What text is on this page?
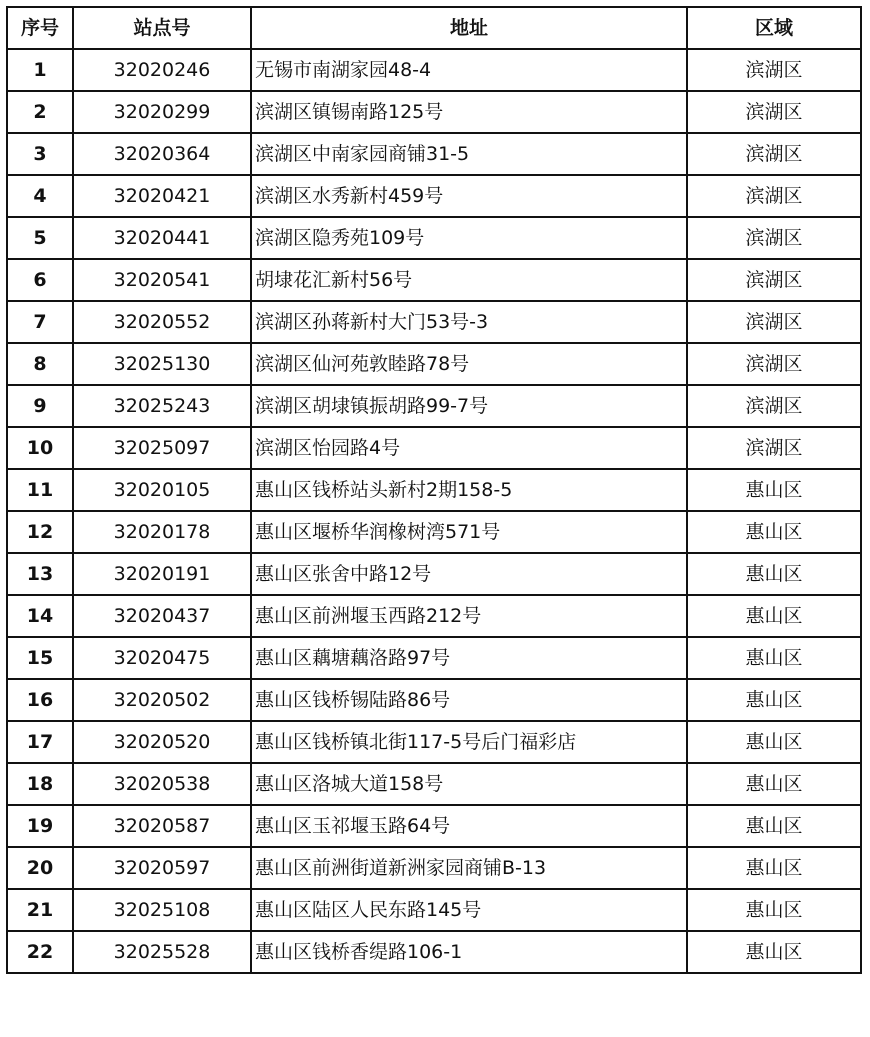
序号	站点号	地址	区域
1	32020246	无锡市南湖家园48-4	滨湖区
2	32020299	滨湖区镇锡南路125号	滨湖区
3	32020364	滨湖区中南家园商铺31-5	滨湖区
4	32020421	滨湖区水秀新村459号	滨湖区
5	32020441	滨湖区隐秀苑109号	滨湖区
6	32020541	胡埭花汇新村56号	滨湖区
7	32020552	滨湖区孙蒋新村大门53号-3	滨湖区
8	32025130	滨湖区仙河苑敦睦路78号	滨湖区
9	32025243	滨湖区胡埭镇振胡路99-7号	滨湖区
10	32025097	滨湖区怡园路4号	滨湖区
11	32020105	惠山区钱桥站头新村2期158-5	惠山区
12	32020178	惠山区堰桥华润橡树湾571号	惠山区
13	32020191	惠山区张舍中路12号	惠山区
14	32020437	惠山区前洲堰玉西路212号	惠山区
15	32020475	惠山区藕塘藕洛路97号	惠山区
16	32020502	惠山区钱桥锡陆路86号	惠山区
17	32020520	惠山区钱桥镇北街117-5号后门福彩店	惠山区
18	32020538	惠山区洛城大道158号	惠山区
19	32020587	惠山区玉祁堰玉路64号	惠山区
20	32020597	惠山区前洲街道新洲家园商铺B-13	惠山区
21	32025108	惠山区陆区人民东路145号	惠山区
22	32025528	惠山区钱桥香缇路106-1	惠山区
